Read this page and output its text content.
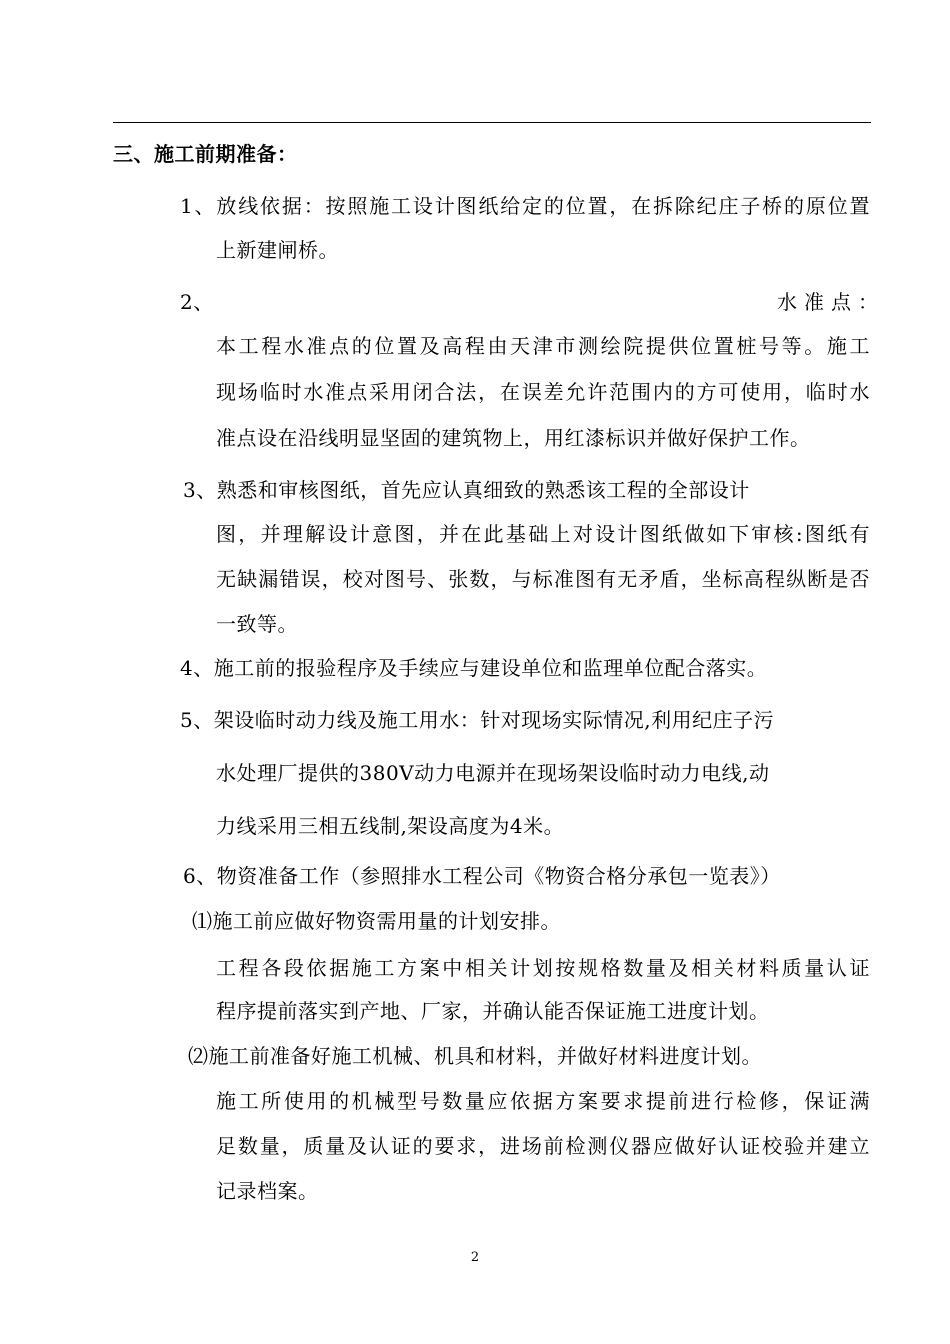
三、施工前期准备：
1、放线依据：按照施工设计图纸给定的位置，在拆除纪庄子桥的原位置
上新建闸桥。
2、	水准点：
本工程水准点的位置及高程由天津市测绘院提供位置桩号等。施工
现场临时水准点采用闭合法，在误差允许范围内的方可使用，临时水
准点设在沿线明显坚固的建筑物上，用红漆标识并做好保护工作。
3、熟悉和审核图纸，首先应认真细致的熟悉该工程的全部设计
图，并理解设计意图，并在此基础上对设计图纸做如下审核:图纸有
无缺漏错误，校对图号、张数，与标准图有无矛盾，坐标高程纵断是否
一致等。
4、施工前的报验程序及手续应与建设单位和监理单位配合落实。
5、架设临时动力线及施工用水：针对现场实际情况,利用纪庄子污
水处理厂提供的380V动力电源并在现场架设临时动力电线,动
力线采用三相五线制,架设高度为4米。
6、物资准备工作（参照排水工程公司《物资合格分承包一览表》）
⑴施工前应做好物资需用量的计划安排。
工程各段依据施工方案中相关计划按规格数量及相关材料质量认证
程序提前落实到产地、厂家，并确认能否保证施工进度计划。
⑵施工前准备好施工机械、机具和材料，并做好材料进度计划。
施工所使用的机械型号数量应依据方案要求提前进行检修，保证满
足数量，质量及认证的要求，进场前检测仪器应做好认证校验并建立
记录档案。
2
